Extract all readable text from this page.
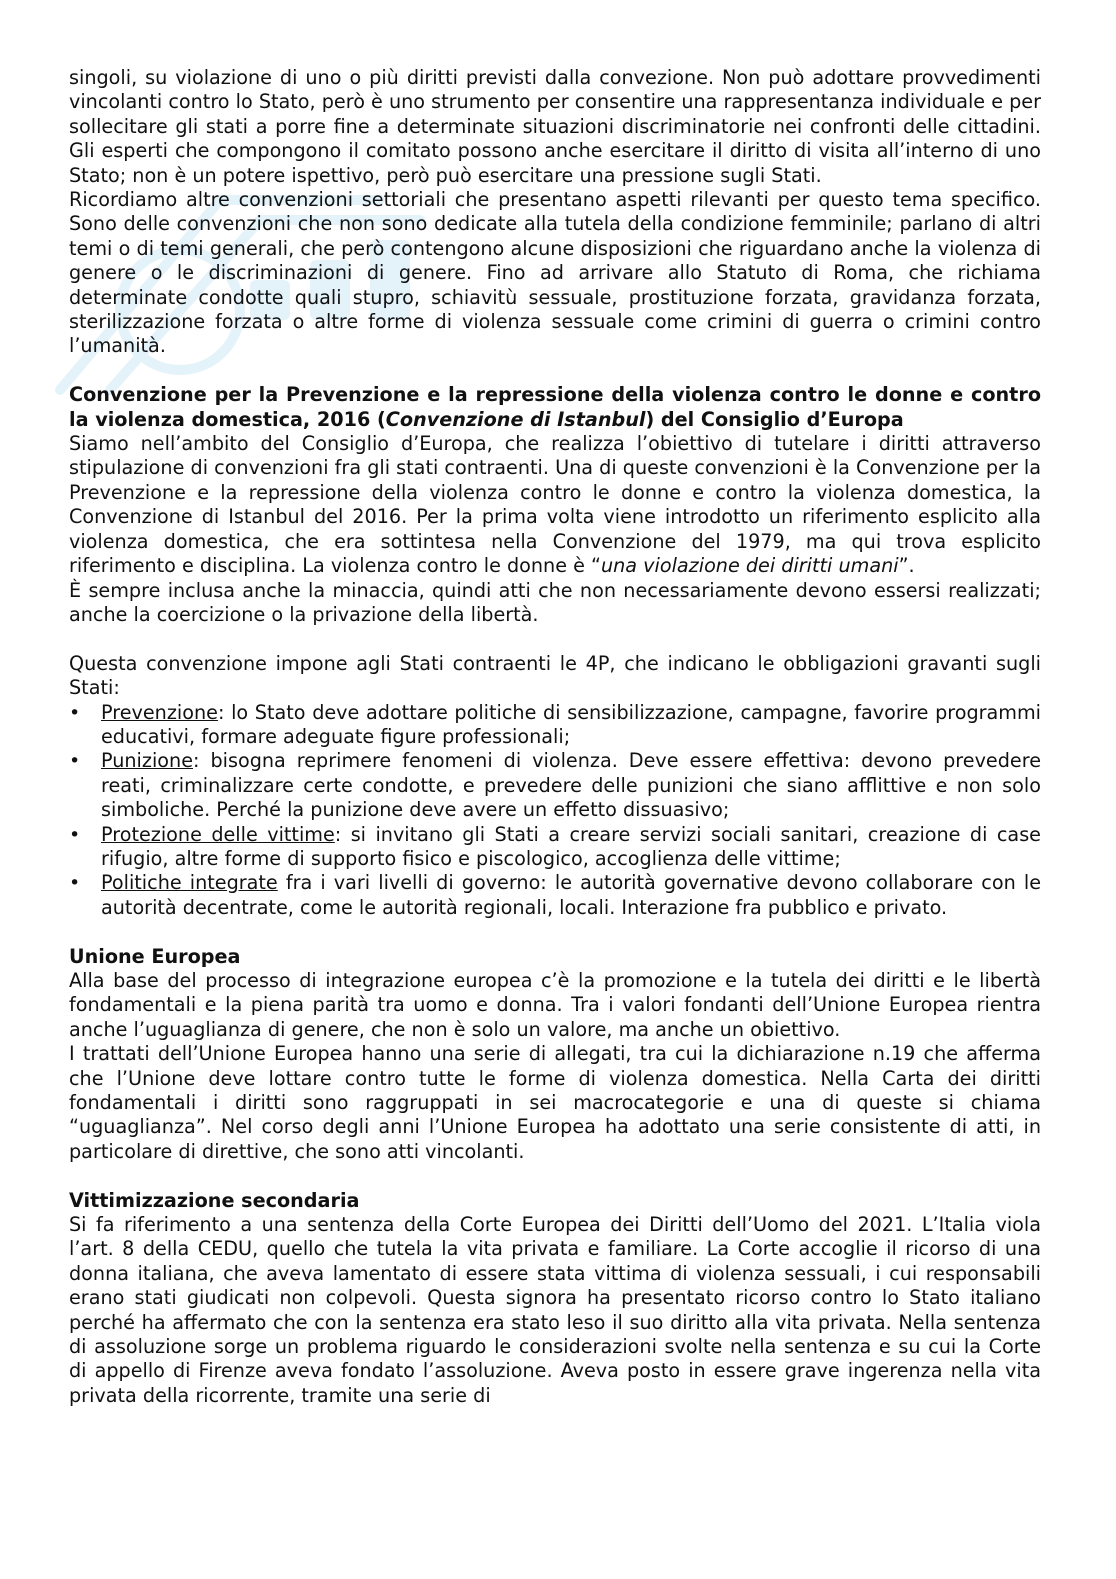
singoli, su violazione di uno o più diritti previsti dalla convezione. Non può adottare provvedimenti vincolanti contro lo Stato, però è uno strumento per consentire una rappresentanza individuale e per sollecitare gli stati a porre fine a determinate situazioni discriminatorie nei confronti delle cittadini. Gli esperti che compongono il comitato possono anche esercitare il diritto di visita all’interno di uno Stato; non è un potere ispettivo, però può esercitare una pressione sugli Stati.

Ricordiamo altre convenzioni settoriali che presentano aspetti rilevanti per questo tema specifico. Sono delle convenzioni che non sono dedicate alla tutela della condizione femminile; parlano di altri temi o di temi generali, che però contengono alcune disposizioni che riguardano anche la violenza di genere o le discriminazioni di genere. Fino ad arrivare allo Statuto di Roma, che richiama determinate condotte quali stupro, schiavitù sessuale, prostituzione forzata, gravidanza forzata, sterilizzazione forzata o altre forme di violenza sessuale come crimini di guerra o crimini contro l’umanità.

Convenzione per la Prevenzione e la repressione della violenza contro le donne e contro la violenza domestica, 2016 (Convenzione di Istanbul) del Consiglio d’Europa

Siamo nell’ambito del Consiglio d’Europa, che realizza l’obiettivo di tutelare i diritti attraverso stipulazione di convenzioni fra gli stati contraenti. Una di queste convenzioni è la Convenzione per la Prevenzione e la repressione della violenza contro le donne e contro la violenza domestica, la Convenzione di Istanbul del 2016. Per la prima volta viene introdotto un riferimento esplicito alla violenza domestica, che era sottintesa nella Convenzione del 1979, ma qui trova esplicito riferimento e disciplina. La violenza contro le donne è “una violazione dei diritti umani”.

È sempre inclusa anche la minaccia, quindi atti che non necessariamente devono essersi realizzati; anche la coercizione o la privazione della libertà.

Questa convenzione impone agli Stati contraenti le 4P, che indicano le obbligazioni gravanti sugli Stati:

• Prevenzione: lo Stato deve adottare politiche di sensibilizzazione, campagne, favorire programmi educativi, formare adeguate figure professionali;
• Punizione: bisogna reprimere fenomeni di violenza. Deve essere effettiva: devono prevedere reati, criminalizzare certe condotte, e prevedere delle punizioni che siano afflittive e non solo simboliche. Perché la punizione deve avere un effetto dissuasivo;
• Protezione delle vittime: si invitano gli Stati a creare servizi sociali sanitari, creazione di case rifugio, altre forme di supporto fisico e piscologico, accoglienza delle vittime;
• Politiche integrate fra i vari livelli di governo: le autorità governative devono collaborare con le autorità decentrate, come le autorità regionali, locali. Interazione fra pubblico e privato.

Unione Europea

Alla base del processo di integrazione europea c’è la promozione e la tutela dei diritti e le libertà fondamentali e la piena parità tra uomo e donna. Tra i valori fondanti dell’Unione Europea rientra anche l’uguaglianza di genere, che non è solo un valore, ma anche un obiettivo.

I trattati dell’Unione Europea hanno una serie di allegati, tra cui la dichiarazione n.19 che afferma che l’Unione deve lottare contro tutte le forme di violenza domestica. Nella Carta dei diritti fondamentali i diritti sono raggruppati in sei macrocategorie e una di queste si chiama “uguaglianza”. Nel corso degli anni l’Unione Europea ha adottato una serie consistente di atti, in particolare di direttive, che sono atti vincolanti.

Vittimizzazione secondaria

Si fa riferimento a una sentenza della Corte Europea dei Diritti dell’Uomo del 2021. L’Italia viola l’art. 8 della CEDU, quello che tutela la vita privata e familiare. La Corte accoglie il ricorso di una donna italiana, che aveva lamentato di essere stata vittima di violenza sessuali, i cui responsabili erano stati giudicati non colpevoli. Questa signora ha presentato ricorso contro lo Stato italiano perché ha affermato che con la sentenza era stato leso il suo diritto alla vita privata. Nella sentenza di assoluzione sorge un problema riguardo le considerazioni svolte nella sentenza e su cui la Corte di appello di Firenze aveva fondato l’assoluzione. Aveva posto in essere grave ingerenza nella vita privata della ricorrente, tramite una serie di
